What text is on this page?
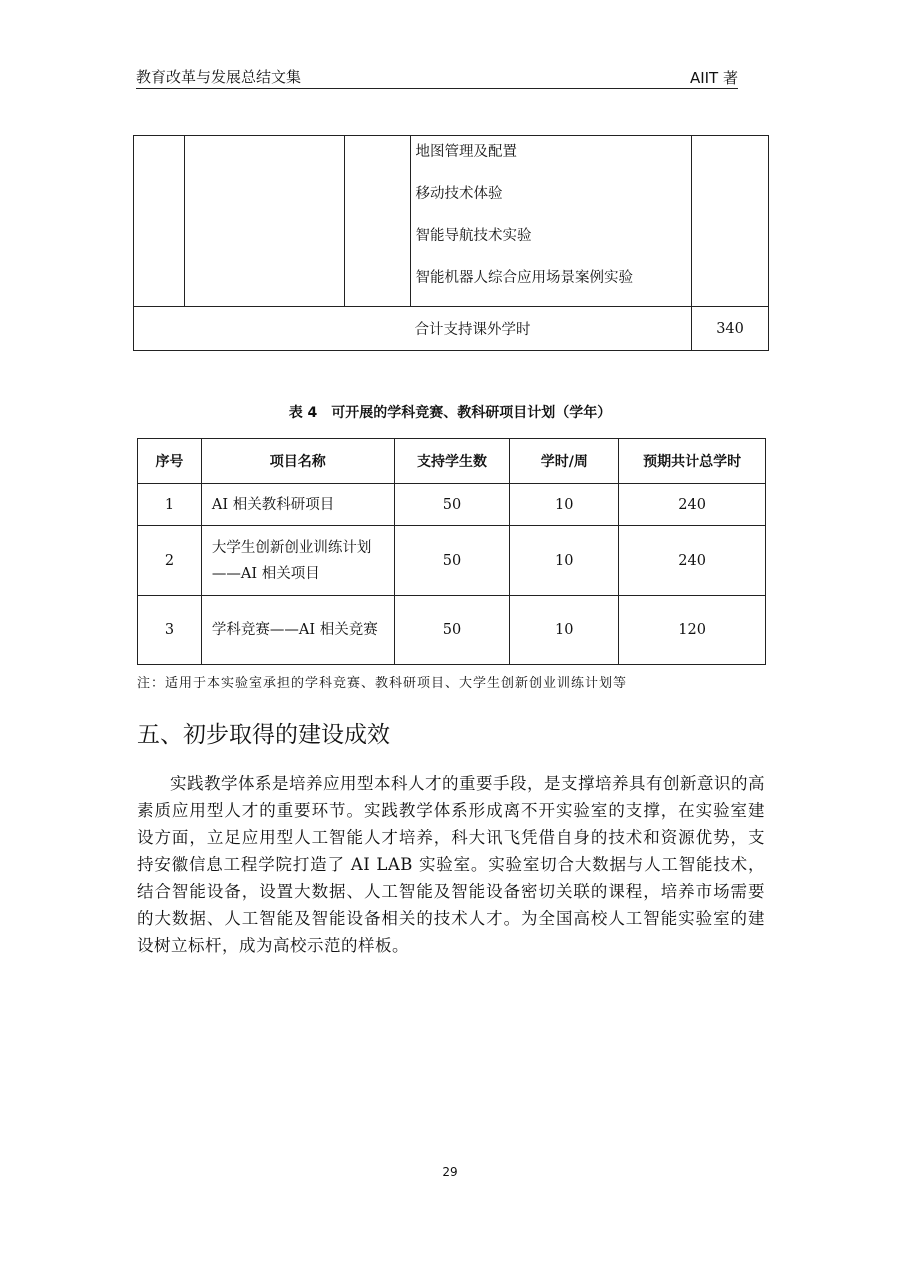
教育改革与发展总结文集	AIIT 著

			地图管理及配置
移动技术体验
智能导航技术实验
智能机器人综合应用场景案例实验	

合计支持课外学时				340
表 4　可开展的学科竞赛、教科研项目计划（学年）
序号	项目名称	支持学生数	学时/周	预期共计总学时
1	AI 相关教科研项目	50	10	240
2	大学生创新创业训练计划——AI 相关项目	50	10	240
3	学科竞赛——AI 相关竞赛	50	10	120
注：适用于本实验室承担的学科竞赛、教科研项目、大学生创新创业训练计划等
五、初步取得的建设成效
实践教学体系是培养应用型本科人才的重要手段，是支撑培养具有创新意识的高素质应用型人才的重要环节。实践教学体系形成离不开实验室的支撑，在实验室建设方面，立足应用型人工智能人才培养，科大讯飞凭借自身的技术和资源优势，支持安徽信息工程学院打造了 AI LAB 实验室。实验室切合大数据与人工智能技术，结合智能设备，设置大数据、人工智能及智能设备密切关联的课程，培养市场需要的大数据、人工智能及智能设备相关的技术人才。为全国高校人工智能实验室的建设树立标杆，成为高校示范的样板。
29
